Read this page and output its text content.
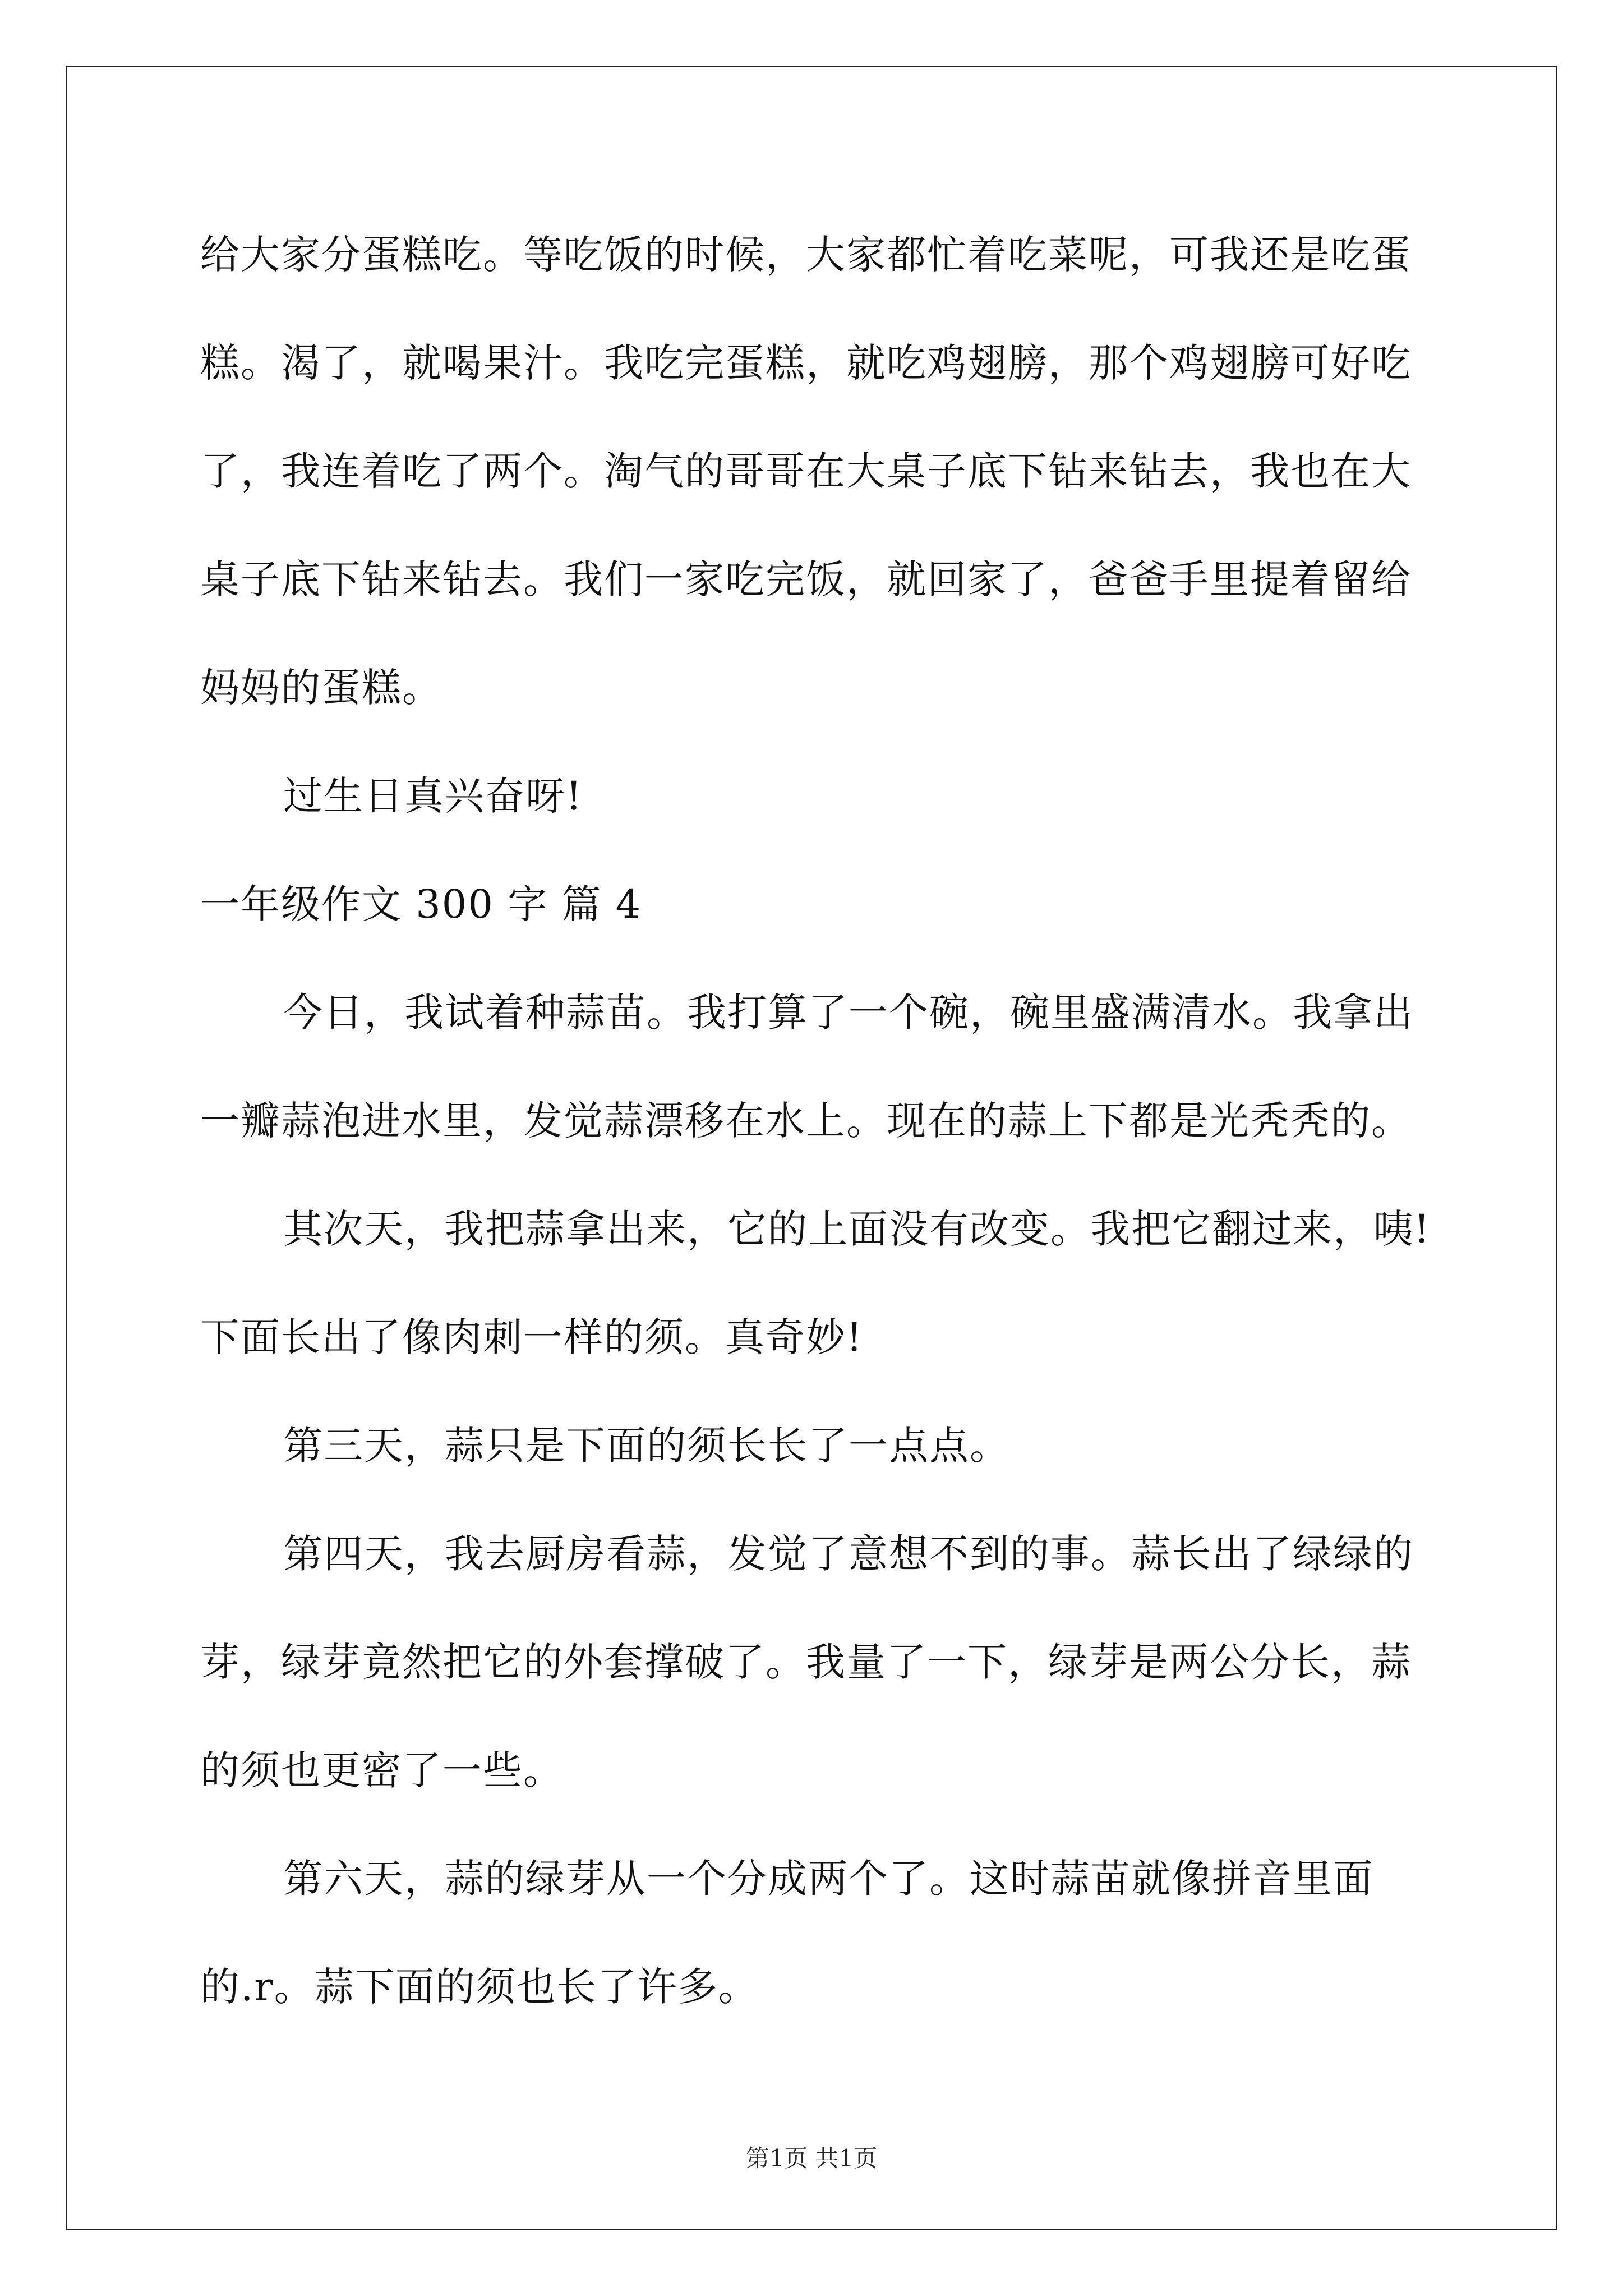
给大家分蛋糕吃。等吃饭的时候，大家都忙着吃菜呢，可我还是吃蛋
糕。渴了，就喝果汁。我吃完蛋糕，就吃鸡翅膀，那个鸡翅膀可好吃
了，我连着吃了两个。淘气的哥哥在大桌子底下钻来钻去，我也在大
桌子底下钻来钻去。我们一家吃完饭，就回家了，爸爸手里提着留给
妈妈的蛋糕。
过生日真兴奋呀!
一年级作文 300 字 篇 4
今日，我试着种蒜苗。我打算了一个碗，碗里盛满清水。我拿出
一瓣蒜泡进水里，发觉蒜漂移在水上。现在的蒜上下都是光秃秃的。
其次天，我把蒜拿出来，它的上面没有改变。我把它翻过来，咦!
下面长出了像肉刺一样的须。真奇妙!
第三天，蒜只是下面的须长长了一点点。
第四天，我去厨房看蒜，发觉了意想不到的事。蒜长出了绿绿的
芽，绿芽竟然把它的外套撑破了。我量了一下，绿芽是两公分长，蒜
的须也更密了一些。
第六天，蒜的绿芽从一个分成两个了。这时蒜苗就像拼音里面
的.r。蒜下面的须也长了许多。
第1页 共1页
